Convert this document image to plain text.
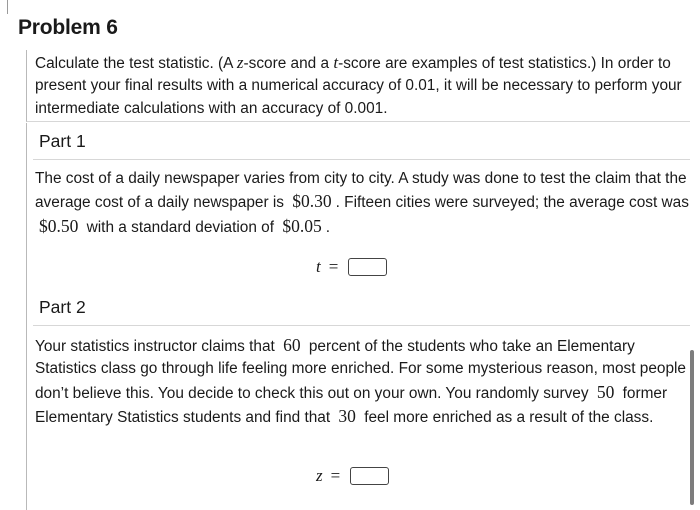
Problem 6

Calculate the test statistic. (A z-score and a t-score are examples of test statistics.) In order to present your final results with a numerical accuracy of 0.01, it will be necessary to perform your intermediate calculations with an accuracy of 0.001.

Part 1

The cost of a daily newspaper varies from city to city. A study was done to test the claim that the average cost of a daily newspaper is $0.30 . Fifteen cities were surveyed; the average cost was $0.50 with a standard deviation of $0.05 .

t =
Part 2

Your statistics instructor claims that 60 percent of the students who take an Elementary Statistics class go through life feeling more enriched. For some mysterious reason, most people don’t believe this. You decide to check this out on your own. You randomly survey 50 former Elementary Statistics students and find that 30 feel more enriched as a result of the class.

z =
